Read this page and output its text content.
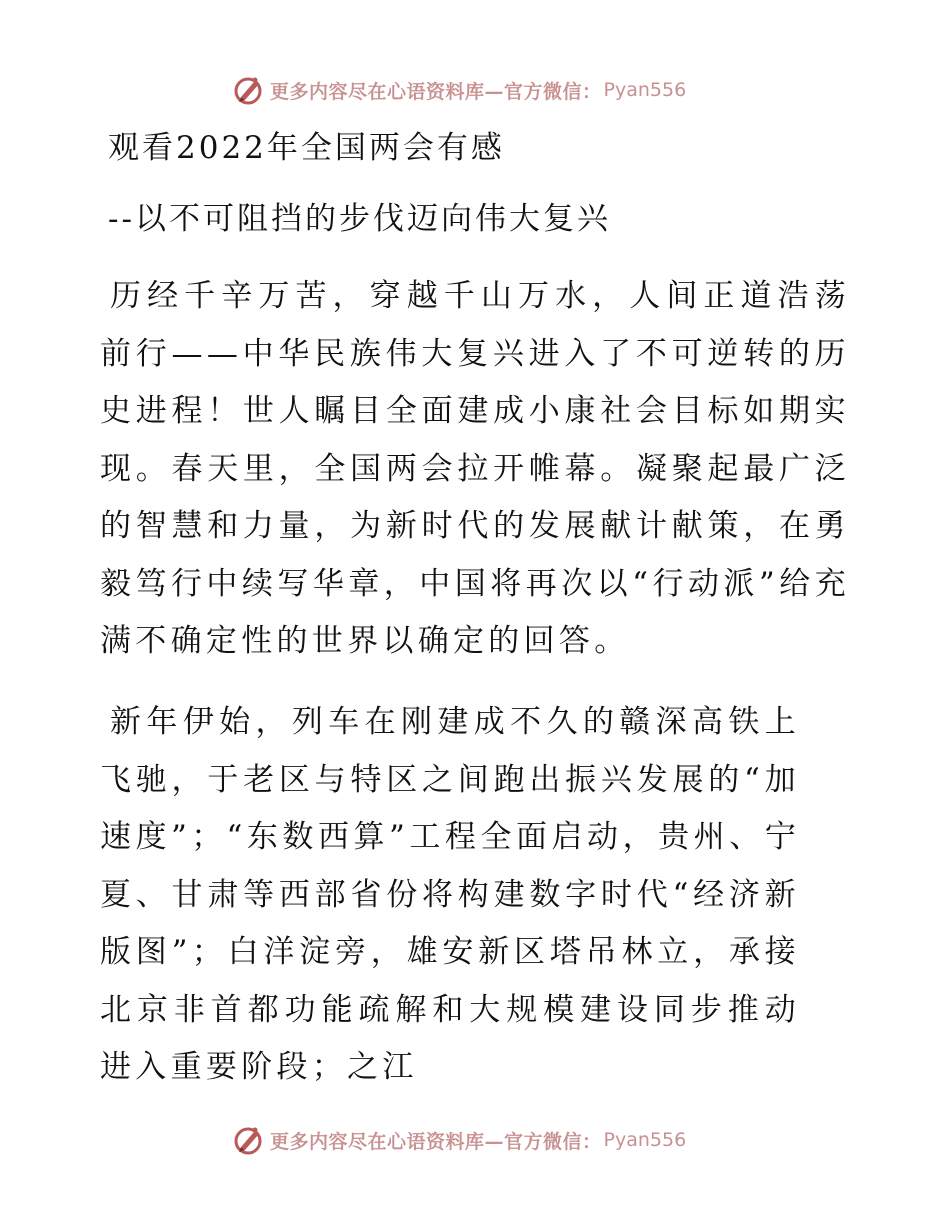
更多内容尽在心语资料库—官方微信： Pyan556
观看2022年全国两会有感
--以不可阻挡的步伐迈向伟大复兴

历经千辛万苦，穿越千山万水，人间正道浩荡前行——中华民族伟大复兴进入了不可逆转的历史进程！世人瞩目全面建成小康社会目标如期实现。春天里，全国两会拉开帷幕。凝聚起最广泛的智慧和力量，为新时代的发展献计献策，在勇毅笃行中续写华章，中国将再次以“行动派”给充满不确定性的世界以确定的回答。

新年伊始，列车在刚建成不久的赣深高铁上飞驰，于老区与特区之间跑出振兴发展的“加速度”；“东数西算”工程全面启动，贵州、宁夏、甘肃等西部省份将构建数字时代“经济新版图”；白洋淀旁，雄安新区塔吊林立，承接北京非首都功能疏解和大规模建设同步推动进入重要阶段；之江

更多内容尽在心语资料库—官方微信： Pyan556
